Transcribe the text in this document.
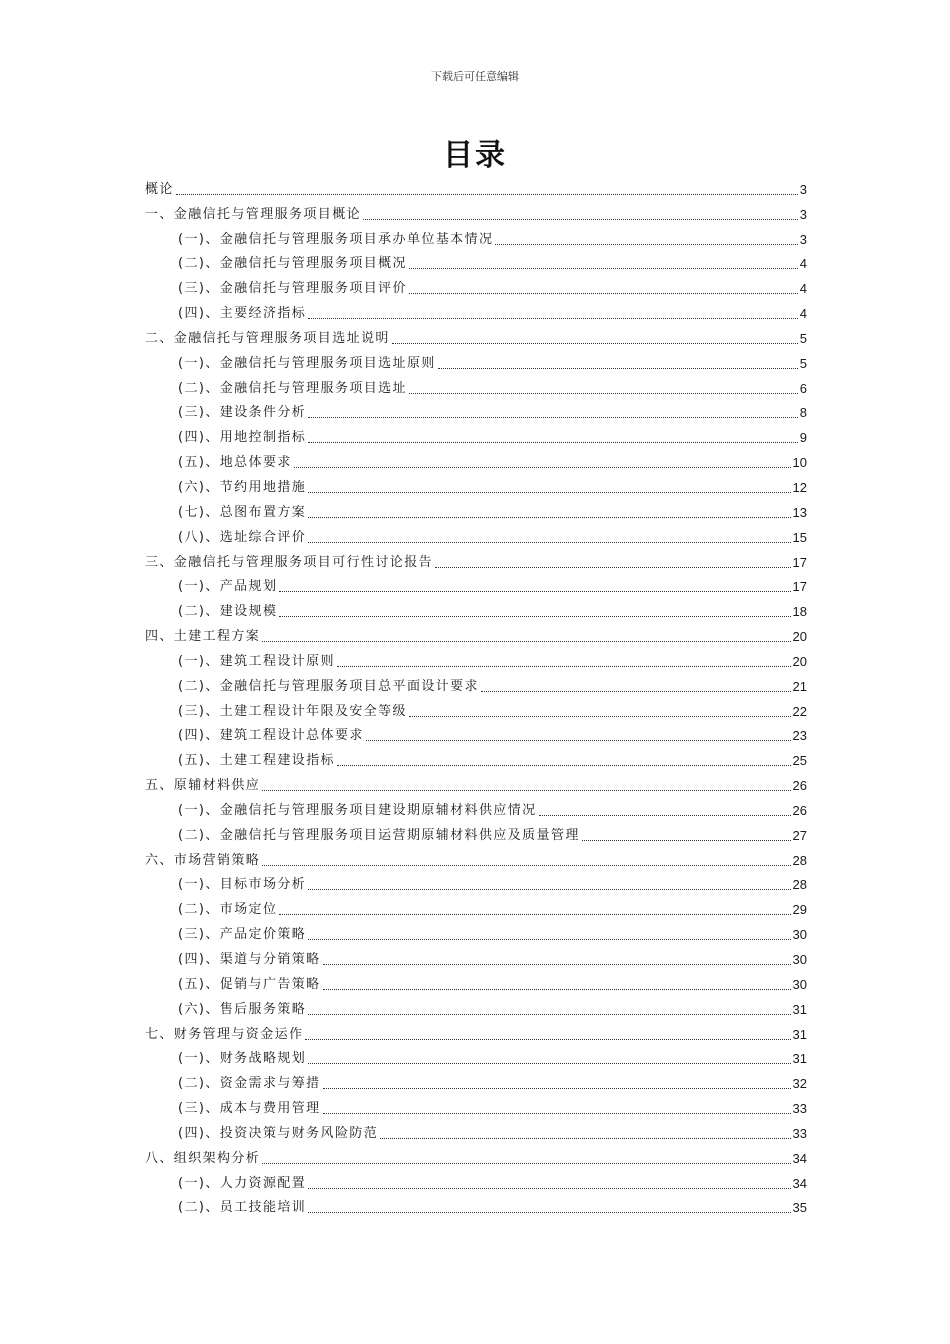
下载后可任意编辑
目录
概论	3
一、金融信托与管理服务项目概论	3
(一)、金融信托与管理服务项目承办单位基本情况	3
(二)、金融信托与管理服务项目概况	4
(三)、金融信托与管理服务项目评价	4
(四)、主要经济指标	4
二、金融信托与管理服务项目选址说明	5
(一)、金融信托与管理服务项目选址原则	5
(二)、金融信托与管理服务项目选址	6
(三)、建设条件分析	8
(四)、用地控制指标	9
(五)、地总体要求	10
(六)、节约用地措施	12
(七)、总图布置方案	13
(八)、选址综合评价	15
三、金融信托与管理服务项目可行性讨论报告	17
(一)、产品规划	17
(二)、建设规模	18
四、土建工程方案	20
(一)、建筑工程设计原则	20
(二)、金融信托与管理服务项目总平面设计要求	21
(三)、土建工程设计年限及安全等级	22
(四)、建筑工程设计总体要求	23
(五)、土建工程建设指标	25
五、原辅材料供应	26
(一)、金融信托与管理服务项目建设期原辅材料供应情况	26
(二)、金融信托与管理服务项目运营期原辅材料供应及质量管理	27
六、市场营销策略	28
(一)、目标市场分析	28
(二)、市场定位	29
(三)、产品定价策略	30
(四)、渠道与分销策略	30
(五)、促销与广告策略	30
(六)、售后服务策略	31
七、财务管理与资金运作	31
(一)、财务战略规划	31
(二)、资金需求与筹措	32
(三)、成本与费用管理	33
(四)、投资决策与财务风险防范	33
八、组织架构分析	34
(一)、人力资源配置	34
(二)、员工技能培训	35
